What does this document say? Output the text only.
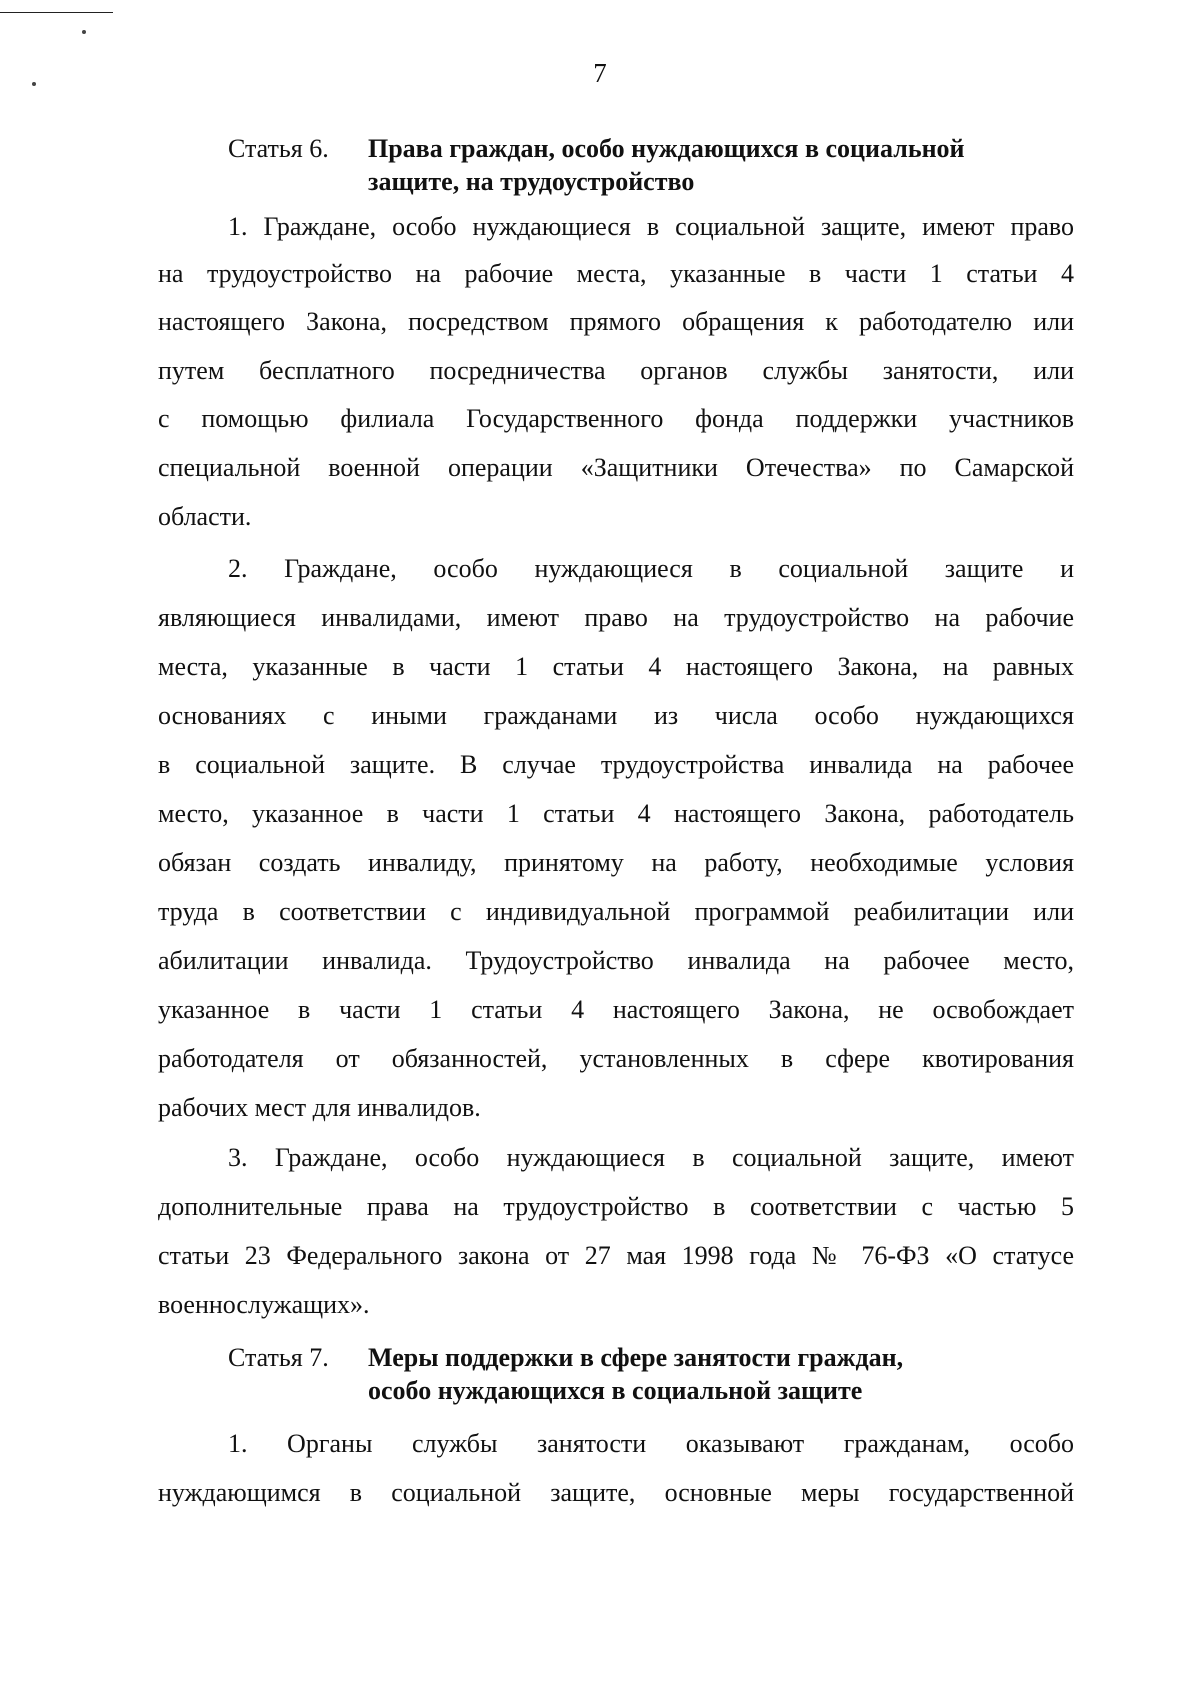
7
Статья 6. Права граждан, особо нуждающихся в социальной
защите, на трудоустройство
1. Граждане, особо нуждающиеся в социальной защите, имеют право
на трудоустройство на рабочие места, указанные в части 1 статьи 4
настоящего Закона, посредством прямого обращения к работодателю или
путем бесплатного посредничества органов службы занятости, или
с помощью филиала Государственного фонда поддержки участников
специальной военной операции «Защитники Отечества» по Самарской
области.
2. Граждане, особо нуждающиеся в социальной защите и
являющиеся инвалидами, имеют право на трудоустройство на рабочие
места, указанные в части 1 статьи 4 настоящего Закона, на равных
основаниях с иными гражданами из числа особо нуждающихся
в социальной защите. В случае трудоустройства инвалида на рабочее
место, указанное в части 1 статьи 4 настоящего Закона, работодатель
обязан создать инвалиду, принятому на работу, необходимые условия
труда в соответствии с индивидуальной программой реабилитации или
абилитации инвалида. Трудоустройство инвалида на рабочее место,
указанное в части 1 статьи 4 настоящего Закона, не освобождает
работодателя от обязанностей, установленных в сфере квотирования
рабочих мест для инвалидов.
3. Граждане, особо нуждающиеся в социальной защите, имеют
дополнительные права на трудоустройство в соответствии с частью 5
статьи 23 Федерального закона от 27 мая 1998 года № 76-ФЗ «О статусе
военнослужащих».
Статья 7. Меры поддержки в сфере занятости граждан,
особо нуждающихся в социальной защите
1. Органы службы занятости оказывают гражданам, особо
нуждающимся в социальной защите, основные меры государственной
